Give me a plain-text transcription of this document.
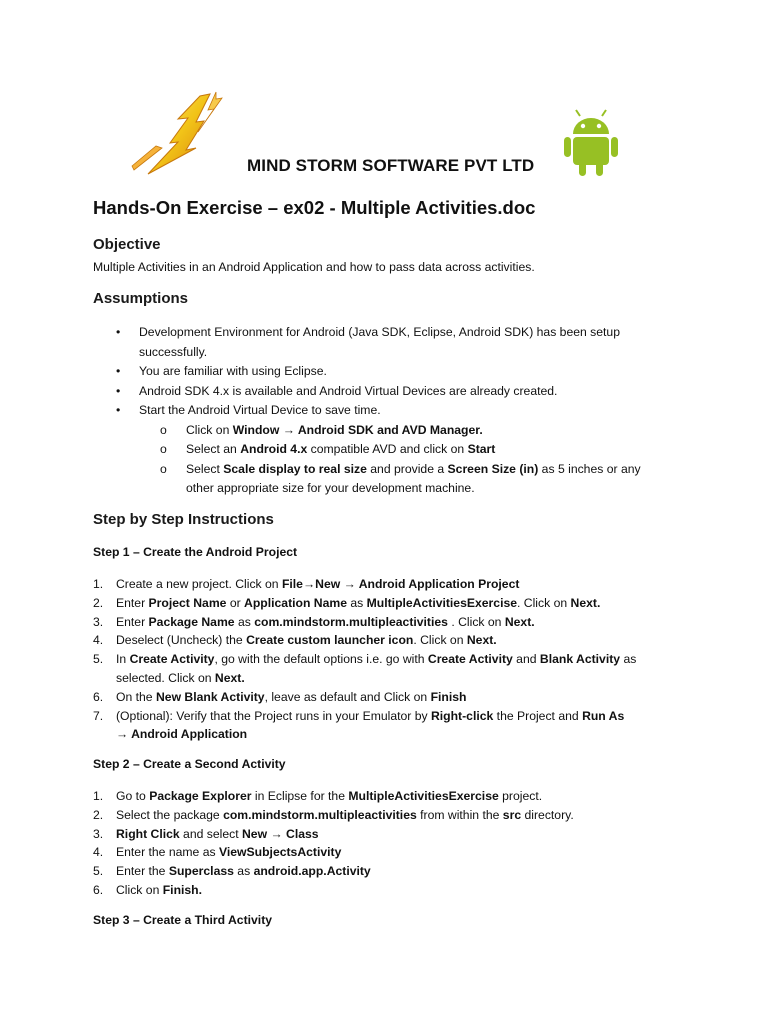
MIND STORM SOFTWARE PVT LTD
Hands-On Exercise – ex02 - Multiple Activities.doc
Objective
Multiple Activities in an Android Application and how to pass data across activities.
Assumptions
• Development Environment for Android (Java SDK, Eclipse, Android SDK) has been setup
successfully.
• You are familiar with using Eclipse.
• Android SDK 4.x is available and Android Virtual Devices are already created.
• Start the Android Virtual Device to save time.
o Click on Window → Android SDK and AVD Manager.
o Select an Android 4.x compatible AVD and click on Start
o Select Scale display to real size and provide a Screen Size (in) as 5 inches or any
other appropriate size for your development machine.
Step by Step Instructions
Step 1 – Create the Android Project
1. Create a new project. Click on File→New → Android Application Project
2. Enter Project Name or Application Name as MultipleActivitiesExercise. Click on Next.
3. Enter Package Name as com.mindstorm.multipleactivities . Click on Next.
4. Deselect (Uncheck) the Create custom launcher icon. Click on Next.
5. In Create Activity, go with the default options i.e. go with Create Activity and Blank Activity as
selected. Click on Next.
6. On the New Blank Activity, leave as default and Click on Finish
7. (Optional): Verify that the Project runs in your Emulator by Right-click the Project and Run As
→ Android Application
Step 2 – Create a Second Activity
1. Go to Package Explorer in Eclipse for the MultipleActivitiesExercise project.
2. Select the package com.mindstorm.multipleactivities from within the src directory.
3. Right Click and select New → Class
4. Enter the name as ViewSubjectsActivity
5. Enter the Superclass as android.app.Activity
6. Click on Finish.
Step 3 – Create a Third Activity
